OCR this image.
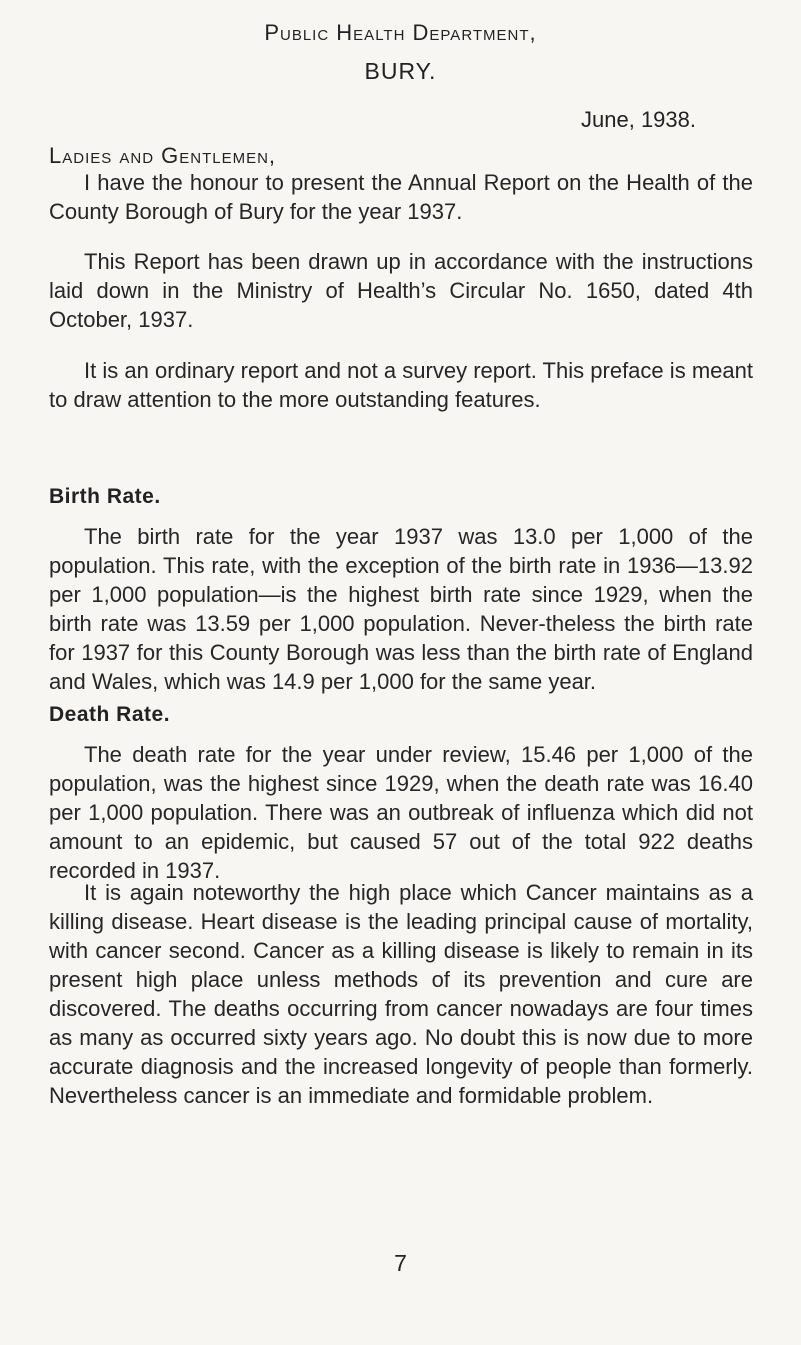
Public Health Department,
BURY.
June, 1938.
Ladies and Gentlemen,

I have the honour to present the Annual Report on the Health of the County Borough of Bury for the year 1937.

This Report has been drawn up in accordance with the instructions laid down in the Ministry of Health’s Circular No. 1650, dated 4th October, 1937.

It is an ordinary report and not a survey report. This preface is meant to draw attention to the more outstanding features.

Birth Rate.

The birth rate for the year 1937 was 13.0 per 1,000 of the population. This rate, with the exception of the birth rate in 1936—13.92 per 1,000 population—is the highest birth rate since 1929, when the birth rate was 13.59 per 1,000 population. Never-theless the birth rate for 1937 for this County Borough was less than the birth rate of England and Wales, which was 14.9 per 1,000 for the same year.

Death Rate.

The death rate for the year under review, 15.46 per 1,000 of the population, was the highest since 1929, when the death rate was 16.40 per 1,000 population. There was an outbreak of influenza which did not amount to an epidemic, but caused 57 out of the total 922 deaths recorded in 1937.

It is again noteworthy the high place which Cancer maintains as a killing disease. Heart disease is the leading principal cause of mortality, with cancer second. Cancer as a killing disease is likely to remain in its present high place unless methods of its prevention and cure are discovered. The deaths occurring from cancer nowadays are four times as many as occurred sixty years ago. No doubt this is now due to more accurate diagnosis and the increased longevity of people than formerly. Nevertheless cancer is an immediate and formidable problem.

7
